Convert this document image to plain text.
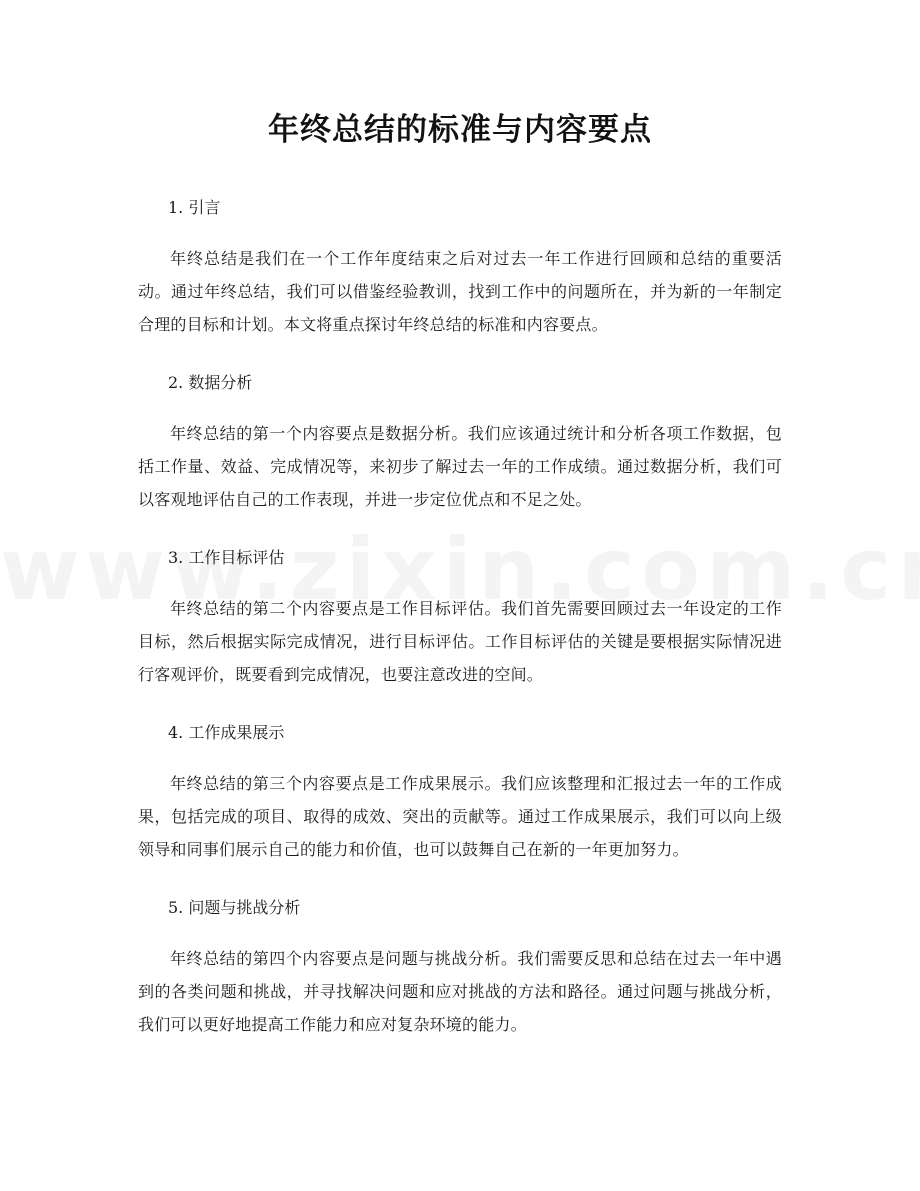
年终总结的标准与内容要点

1. 引言

年终总结是我们在一个工作年度结束之后对过去一年工作进行回顾和总结的重要活动。通过年终总结，我们可以借鉴经验教训，找到工作中的问题所在，并为新的一年制定合理的目标和计划。本文将重点探讨年终总结的标准和内容要点。

2. 数据分析

年终总结的第一个内容要点是数据分析。我们应该通过统计和分析各项工作数据，包括工作量、效益、完成情况等，来初步了解过去一年的工作成绩。通过数据分析，我们可以客观地评估自己的工作表现，并进一步定位优点和不足之处。

3. 工作目标评估

年终总结的第二个内容要点是工作目标评估。我们首先需要回顾过去一年设定的工作目标，然后根据实际完成情况，进行目标评估。工作目标评估的关键是要根据实际情况进行客观评价，既要看到完成情况，也要注意改进的空间。

4. 工作成果展示

年终总结的第三个内容要点是工作成果展示。我们应该整理和汇报过去一年的工作成果，包括完成的项目、取得的成效、突出的贡献等。通过工作成果展示，我们可以向上级领导和同事们展示自己的能力和价值，也可以鼓舞自己在新的一年更加努力。

5. 问题与挑战分析

年终总结的第四个内容要点是问题与挑战分析。我们需要反思和总结在过去一年中遇到的各类问题和挑战，并寻找解决问题和应对挑战的方法和路径。通过问题与挑战分析，我们可以更好地提高工作能力和应对复杂环境的能力。
